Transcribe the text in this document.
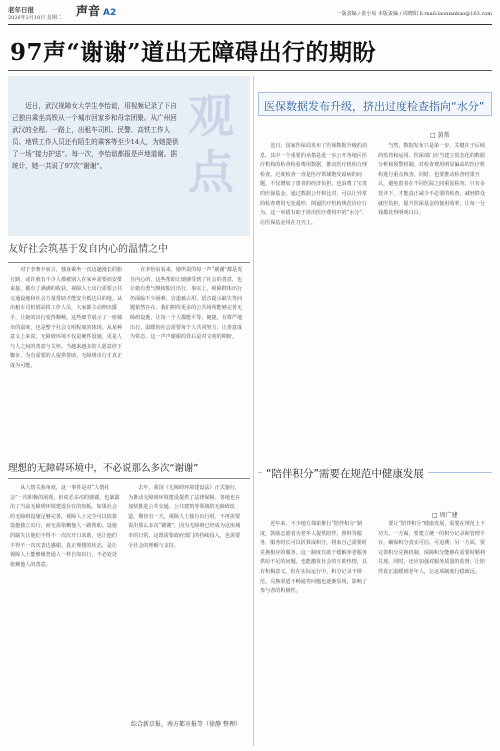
老年日报
2026年2月10日 星期二 声音 A2	一版责编 / 张小易 本版责编 / 周晓阳 E-mail:laonianbao@163.com
97声“谢谢”道出无障碍出行的期盼
近日，武汉视障女大学生李怡谊，用视频记录了下自己独自乘坐高铁从一个城市回家乡和母亲团聚。从广州回武汉的全程。一路上，出租车司机、民警、高铁工作人员、地铁工作人员还有陌生的乘客等至少14人，为她提供了一场“接力护送”。每一次，李怡谊都报是声地道谢。据统计，她一共说了97次“谢谢”。
观点
友好社会筑基于发自内心的温情之中
对于李赛夕而言，独身乘坐一次这趟漫长的旅行路，或许就有不少人都被别人在家乡需要而安排来接，都有了满满的收获。视障人士出行需要公共交通设施和社会力量帮助才能安全抵达目的地。从出租车司机到高铁工作人员，大家都主动伸出援手，让她的出行变得顺畅。这些细节展示了一座城市的温度，也是整个社会文明程度的体现。从某种意义上来说，无障碍环境不仅是硬件设施，更是人与人之间的善意与关怀。当越来越多的人愿意停下脚步，为有需要的人提供帮助，无障碍出行才真正成为可能。
在李怡谊看来，她所说的每一声“谢谢”都是发自内心的。这些帮助让她感受到了社会的善意，也让她有勇气继续独自出行。事实上，视障群体出行仍面临不少困难，盲道被占用、语音提示缺失等问题依然存在。我们期待更多的公共场所能够完善无障碍设施，让每一个人都能平等、便捷、有尊严地出行。温暖的社会需要每个人共同努力，让善意成为常态。这一声声谢谢的背后是对文明的期盼。
理想的无障碍环境中，不必说那么多次“谢谢”
从人情关系角度，这一事件是对“人情社会”一次积极的展现。但说必多次的感谢，也暴露出了当前无障碍环境建设存在的短板。如果社会的无障碍设施足够完善，视障人士完全可以依靠设施独立出行，而无需依赖他人一路帮助。设施的缺失让他们不得不一次次开口求助，也让他们不得不一次次表达感谢。真正理想的状态，是让视障人士能够像普通人一样自如出行，不必处处依赖他人的善意。
去年，我国《无障碍环境建设法》正式施行，为推动无障碍环境建设提供了法律保障。各地也在加快推进公共交通、公共建筑等领域的无障碍改造，期待有一天，视障人士独自出行时，不再需要说出那么多次“谢谢”，因为无障碍已经成为这座城市的日常。这既需要政府部门的持续投入，也需要全社会的理解与支持。
综合新京报、南方都市报等（徐静 整理）
医保数据发布升级，挤出过度检查指向“水分”
□ 黄常
近日，国家医保局发布了医保数据升级的消息，其中一个重要的举措是进一步公开各地区医疗机构的检查检验费用数据，推动医疗机构合理检查。过度检查一直是医疗领域饱受诟病的问题，不仅增加了患者的经济负担，也浪费了宝贵的医保基金。通过数据公开和比对，可以让异常的检查费用无处遁形，倒逼医疗机构规范诊疗行为。这一举措有助于挤出医疗费用中的“水分”，让医保基金用在刀刃上。
当然，数据发布只是第一步，关键在于后续的监管和运用。医保部门应当建立常态化的数据分析和预警机制，对检查费用明显偏高的医疗机构进行重点核查。同时，也要推动检查结果互认，避免患者在不同医院之间重复检查。只有多管齐下，才能真正减少不必要的检查，减轻群众就医负担，提升医保基金的使用效率，让每一分钱都花得明明白白。
“陪伴积分”需要在规范中健康发展
□ 周广建
近年来，不少地方探索推行“陪伴积分”制度，鼓励志愿者为老年人提供陪伴、照料等服务，服务时长可以折算成积分，将来自己需要时兑换相应的服务。这一制度有助于缓解养老服务供给不足的问题，也能激发社会的互助热情，具有积极意义。但在实际运行中，积分记录不规范、兑换渠道不畅通等问题也逐渐显现，影响了参与者的积极性。
要让“陪伴积分”健康发展，需要在规范上下功夫。一方面，要建立统一的积分记录和管理平台，确保积分真实可信、可追溯；另一方面，要完善积分兑换机制，保障积分能够在需要时顺利兑现。同时，还应加强对服务质量的监督，让陪伴真正温暖到老年人，让这项制度行稳致远。
